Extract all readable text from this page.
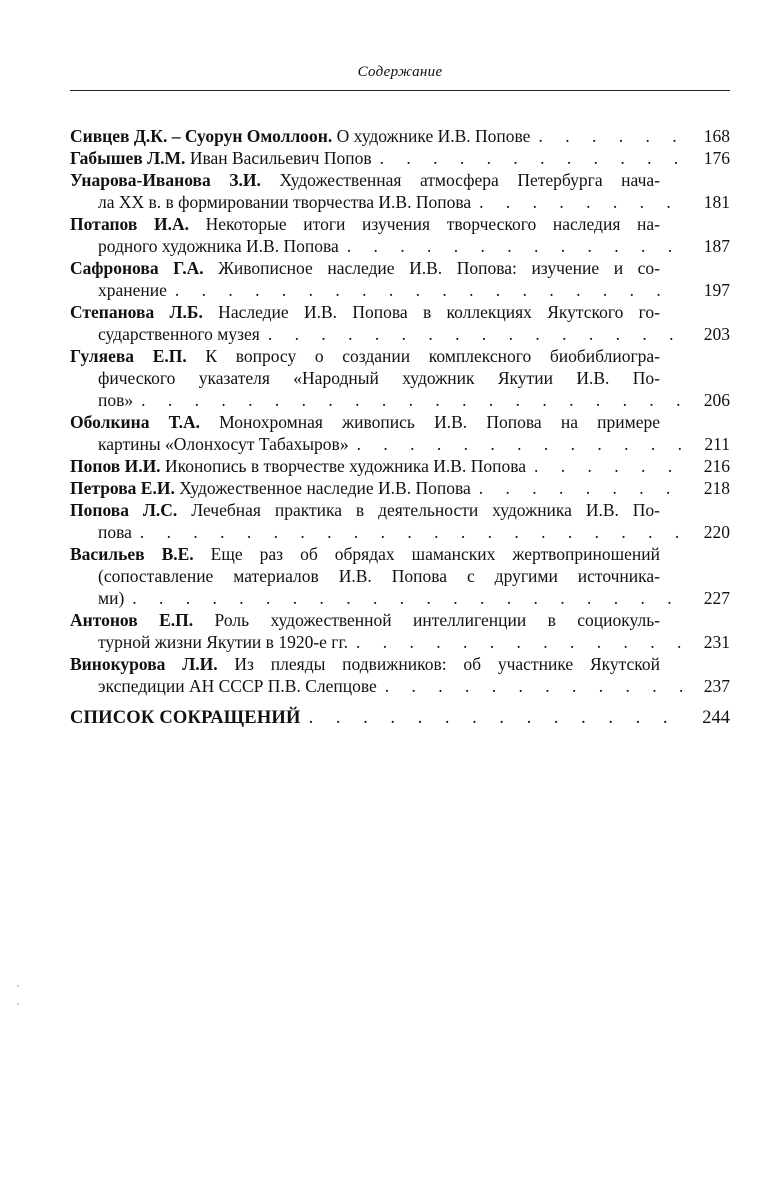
Содержание
Сивцев Д.К. – Суорун Омоллоон. О художнике И.В. Попове . . .	168
Габышев Л.М. Иван Васильевич Попов . . .	176
Унарова-Иванова З.И. Художественная атмосфера Петербурга нача-
ла XX в. в формировании творчества И.В. Попова . . .	181
Потапов И.А. Некоторые итоги изучения творческого наследия на-
родного художника И.В. Попова . . .	187
Сафронова Г.А. Живописное наследие И.В. Попова: изучение и со-
хранение . . .	197
Степанова Л.Б. Наследие И.В. Попова в коллекциях Якутского го-
сударственного музея . . .	203
Гуляева Е.П. К вопросу о создании комплексного биобиблиогра-
фического указателя «Народный художник Якутии И.В. По-
пов» . . .	206
Оболкина Т.А. Монохромная живопись И.В. Попова на примере
картины «Олонхосут Табахыров» . . .	211
Попов И.И. Иконопись в творчестве художника И.В. Попова . . .	216
Петрова Е.И. Художественное наследие И.В. Попова . . .	218
Попова Л.С. Лечебная практика в деятельности художника И.В. По-
пова . . .	220
Васильев В.Е. Еще раз об обрядах шаманских жертвоприношений
(сопоставление материалов И.В. Попова с другими источника-
ми) . . .	227
Антонов Е.П. Роль художественной интеллигенции в социокуль-
турной жизни Якутии в 1920-е гг. . . .	231
Винокурова Л.И. Из плеяды подвижников: об участнике Якутской
экспедиции АН СССР П.В. Слепцове . . .	237
СПИСОК СОКРАЩЕНИЙ . . .	244
